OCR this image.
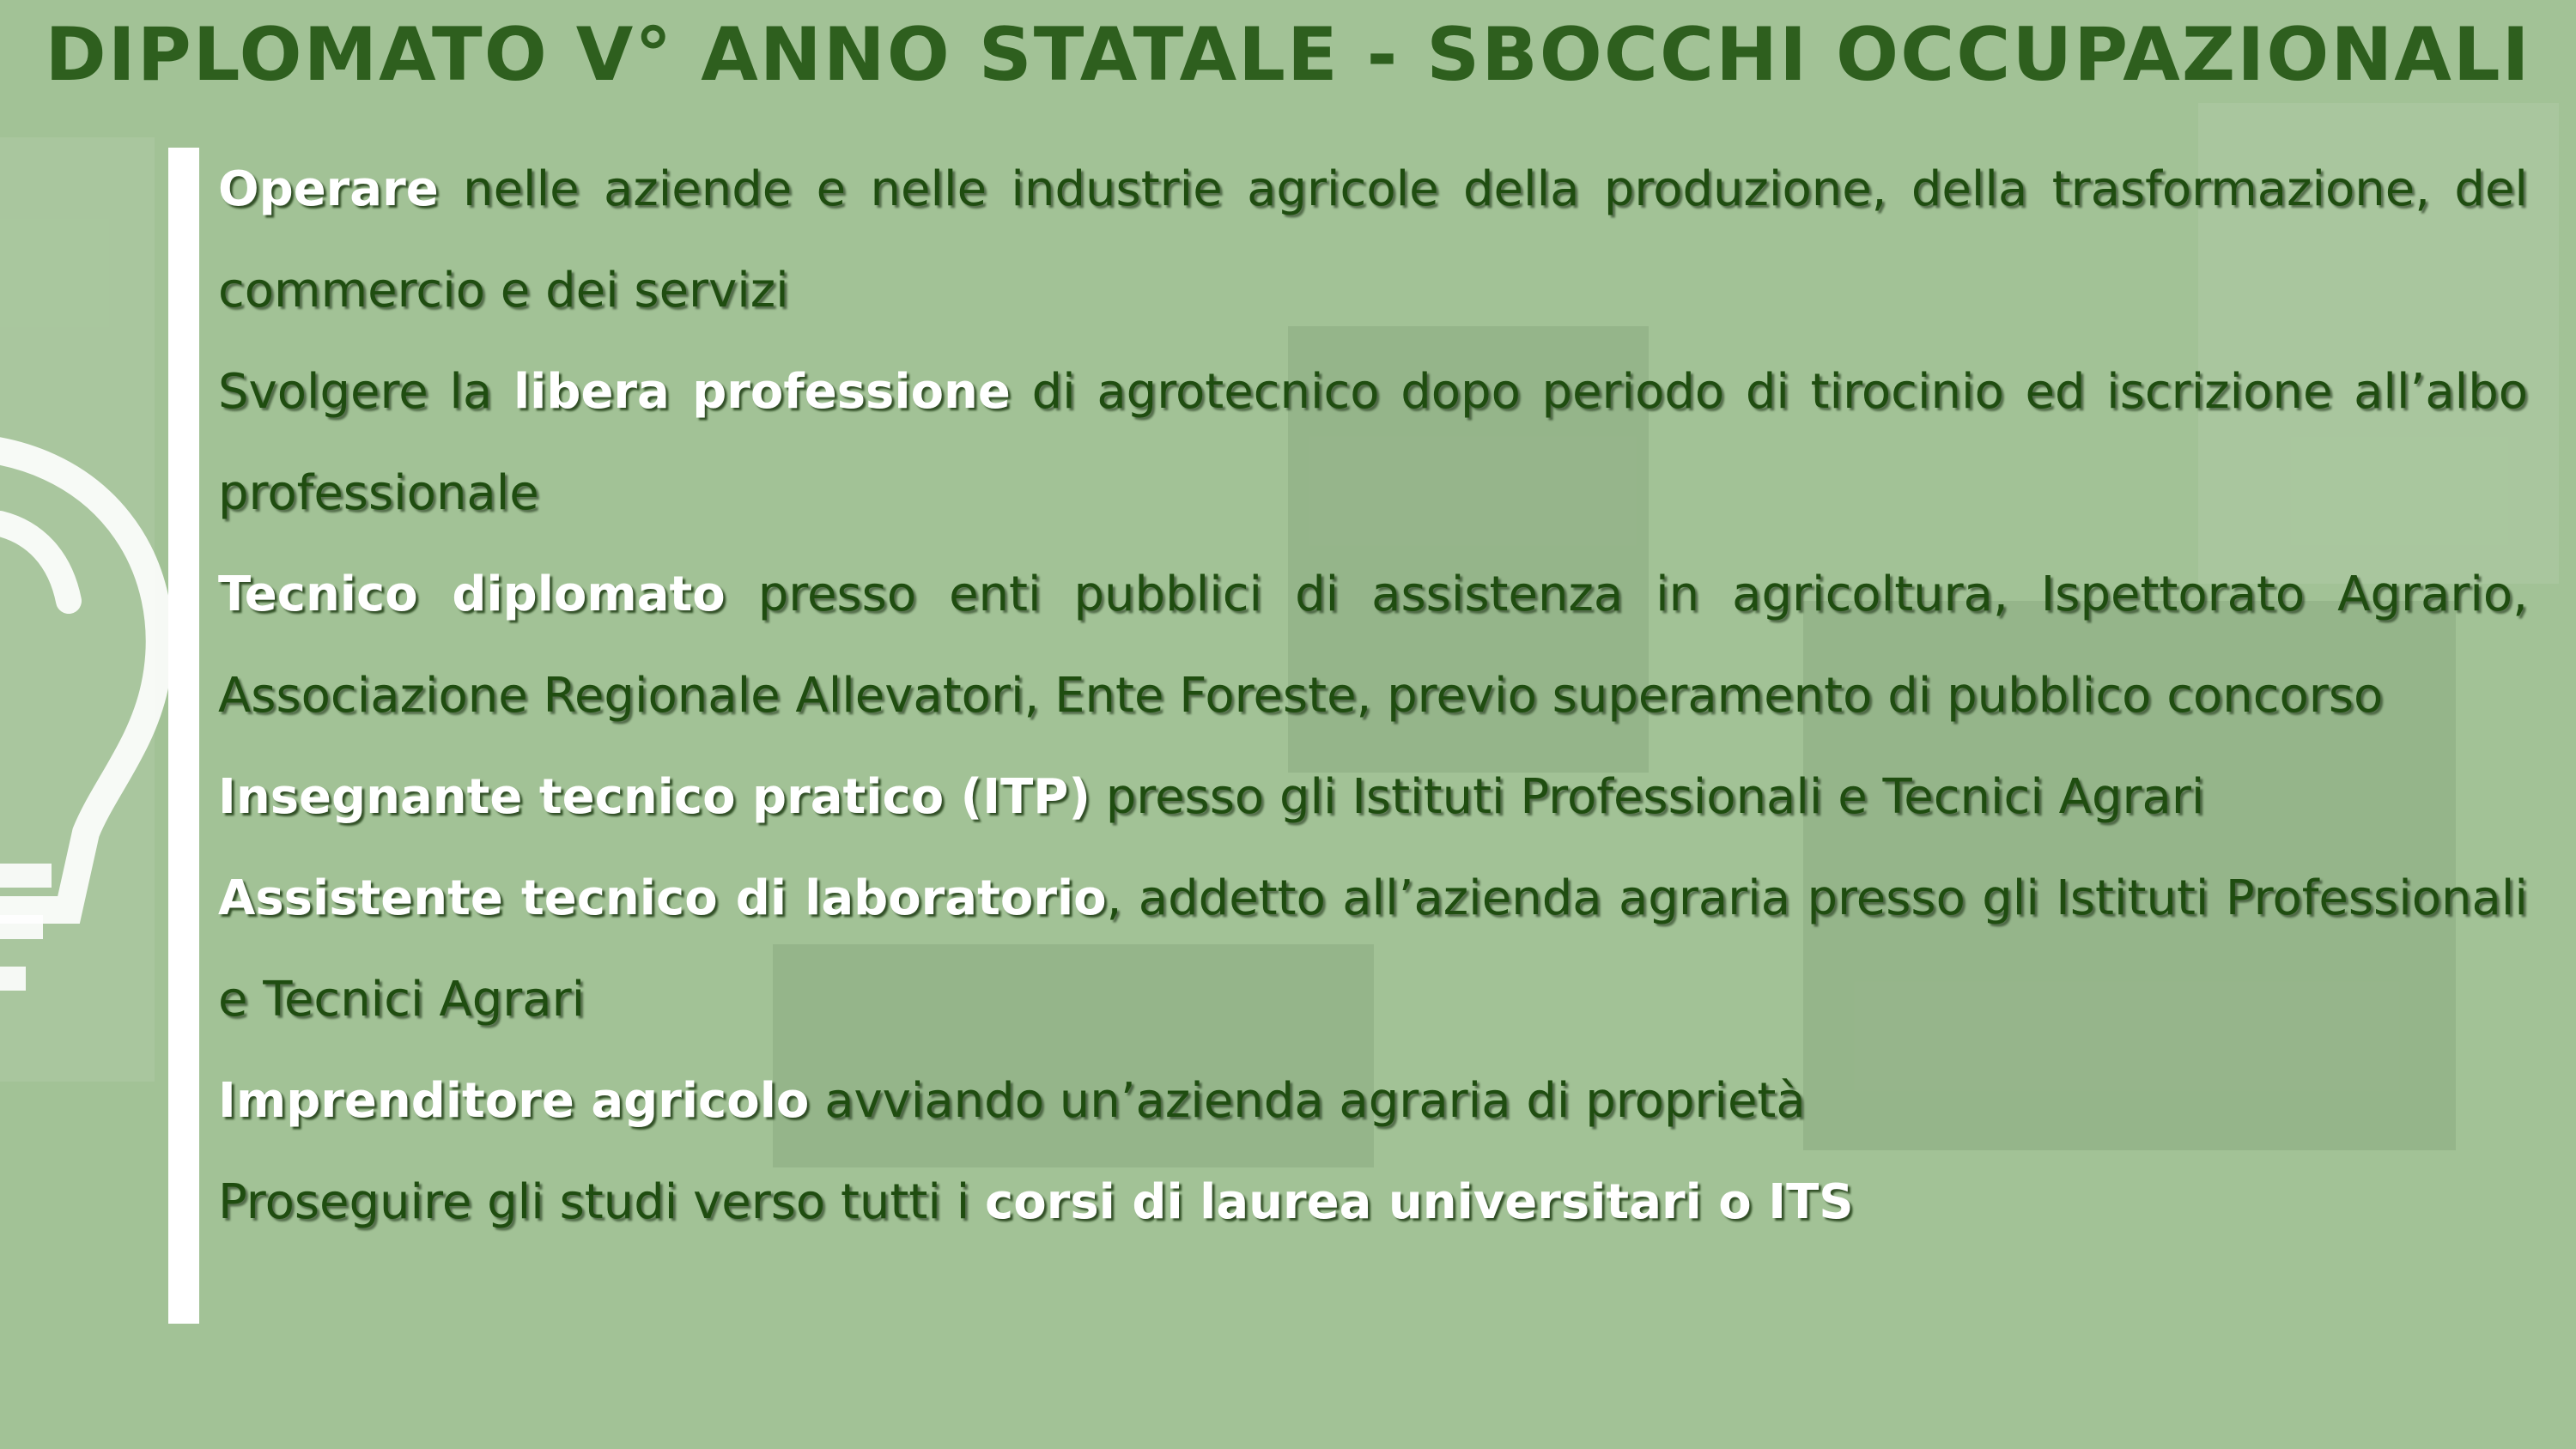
DIPLOMATO V° ANNO STATALE - SBOCCHI OCCUPAZIONALI

Operare nelle aziende e nelle industrie agricole della produzione, della trasformazione, del commercio e dei servizi

Svolgere la libera professione di agrotecnico dopo periodo di tirocinio ed iscrizione all’albo professionale

Tecnico diplomato presso enti pubblici di assistenza in agricoltura, Ispettorato Agrario, Associazione Regionale Allevatori, Ente Foreste, previo superamento di pubblico concorso

Insegnante tecnico pratico (ITP) presso gli Istituti Professionali e Tecnici Agrari

Assistente tecnico di laboratorio, addetto all’azienda agraria presso gli Istituti Professionali e Tecnici Agrari

Imprenditore agricolo avviando un’azienda agraria di proprietà

Proseguire gli studi verso tutti i corsi di laurea universitari o ITS
